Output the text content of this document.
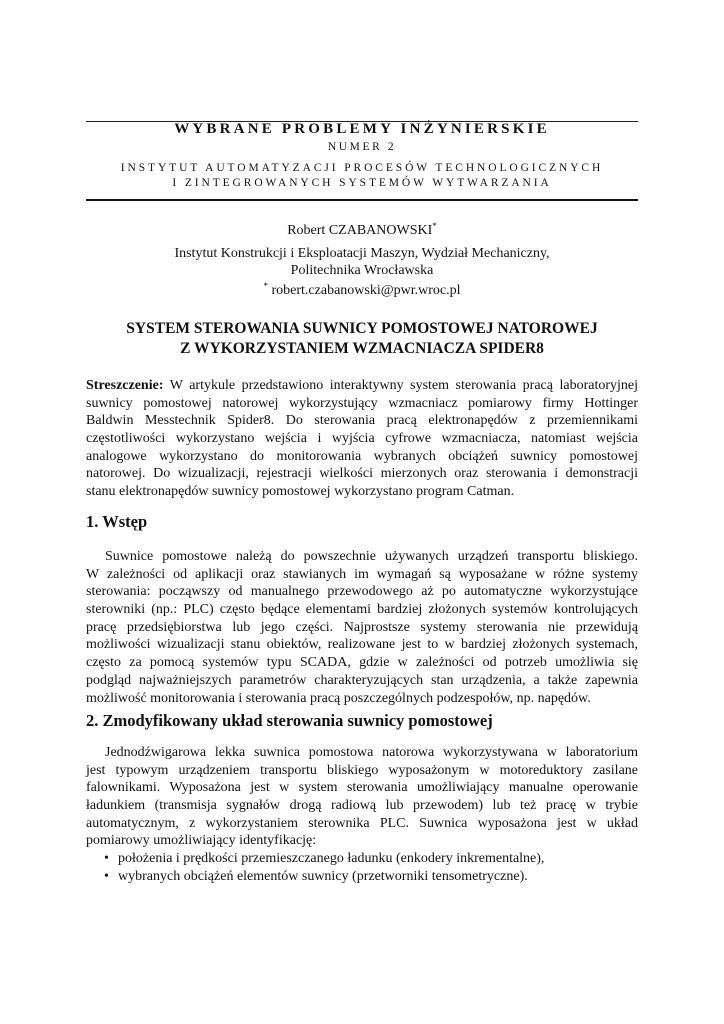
WYBRANE PROBLEMY INŻYNIERSKIE
NUMER 2
INSTYTUT AUTOMATYZACJI PROCESÓW TECHNOLOGICZNYCH
I ZINTEGROWANYCH SYSTEMÓW WYTWARZANIA
Robert CZABANOWSKI*
Instytut Konstrukcji i Eksploatacji Maszyn, Wydział Mechaniczny,
Politechnika Wrocławska
* robert.czabanowski@pwr.wroc.pl
SYSTEM STEROWANIA SUWNICY POMOSTOWEJ NATOROWEJ
Z WYKORZYSTANIEM WZMACNIACZA SPIDER8
Streszczenie: W artykule przedstawiono interaktywny system sterowania pracą laboratoryjnej
suwnicy pomostowej natorowej wykorzystujący wzmacniacz pomiarowy firmy Hottinger
Baldwin Messtechnik Spider8. Do sterowania pracą elektronapędów z przemiennikami
częstotliwości wykorzystano wejścia i wyjścia cyfrowe wzmacniacza, natomiast wejścia
analogowe wykorzystano do monitorowania wybranych obciążeń suwnicy pomostowej
natorowej. Do wizualizacji, rejestracji wielkości mierzonych oraz sterowania i demonstracji
stanu elektronapędów suwnicy pomostowej wykorzystano program Catman.
1. Wstęp
Suwnice pomostowe należą do powszechnie używanych urządzeń transportu bliskiego.
W zależności od aplikacji oraz stawianych im wymagań są wyposażane w różne systemy
sterowania: począwszy od manualnego przewodowego aż po automatyczne wykorzystujące
sterowniki (np.: PLC) często będące elementami bardziej złożonych systemów kontrolujących
pracę przedsiębiorstwa lub jego części. Najprostsze systemy sterowania nie przewidują
możliwości wizualizacji stanu obiektów, realizowane jest to w bardziej złożonych systemach,
często za pomocą systemów typu SCADA, gdzie w zależności od potrzeb umożliwia się
podgląd najważniejszych parametrów charakteryzujących stan urządzenia, a także zapewnia
możliwość monitorowania i sterowania pracą poszczególnych podzespołów, np. napędów.
2. Zmodyfikowany układ sterowania suwnicy pomostowej
Jednodźwigarowa lekka suwnica pomostowa natorowa wykorzystywana w laboratorium
jest typowym urządzeniem transportu bliskiego wyposażonym w motoreduktory zasilane
falownikami. Wyposażona jest w system sterowania umożliwiający manualne operowanie
ładunkiem (transmisja sygnałów drogą radiową lub przewodem) lub też pracę w trybie
automatycznym, z wykorzystaniem sterownika PLC. Suwnica wyposażona jest w układ
pomiarowy umożliwiający identyfikację:
• położenia i prędkości przemieszczanego ładunku (enkodery inkrementalne),
• wybranych obciążeń elementów suwnicy (przetworniki tensometryczne).
